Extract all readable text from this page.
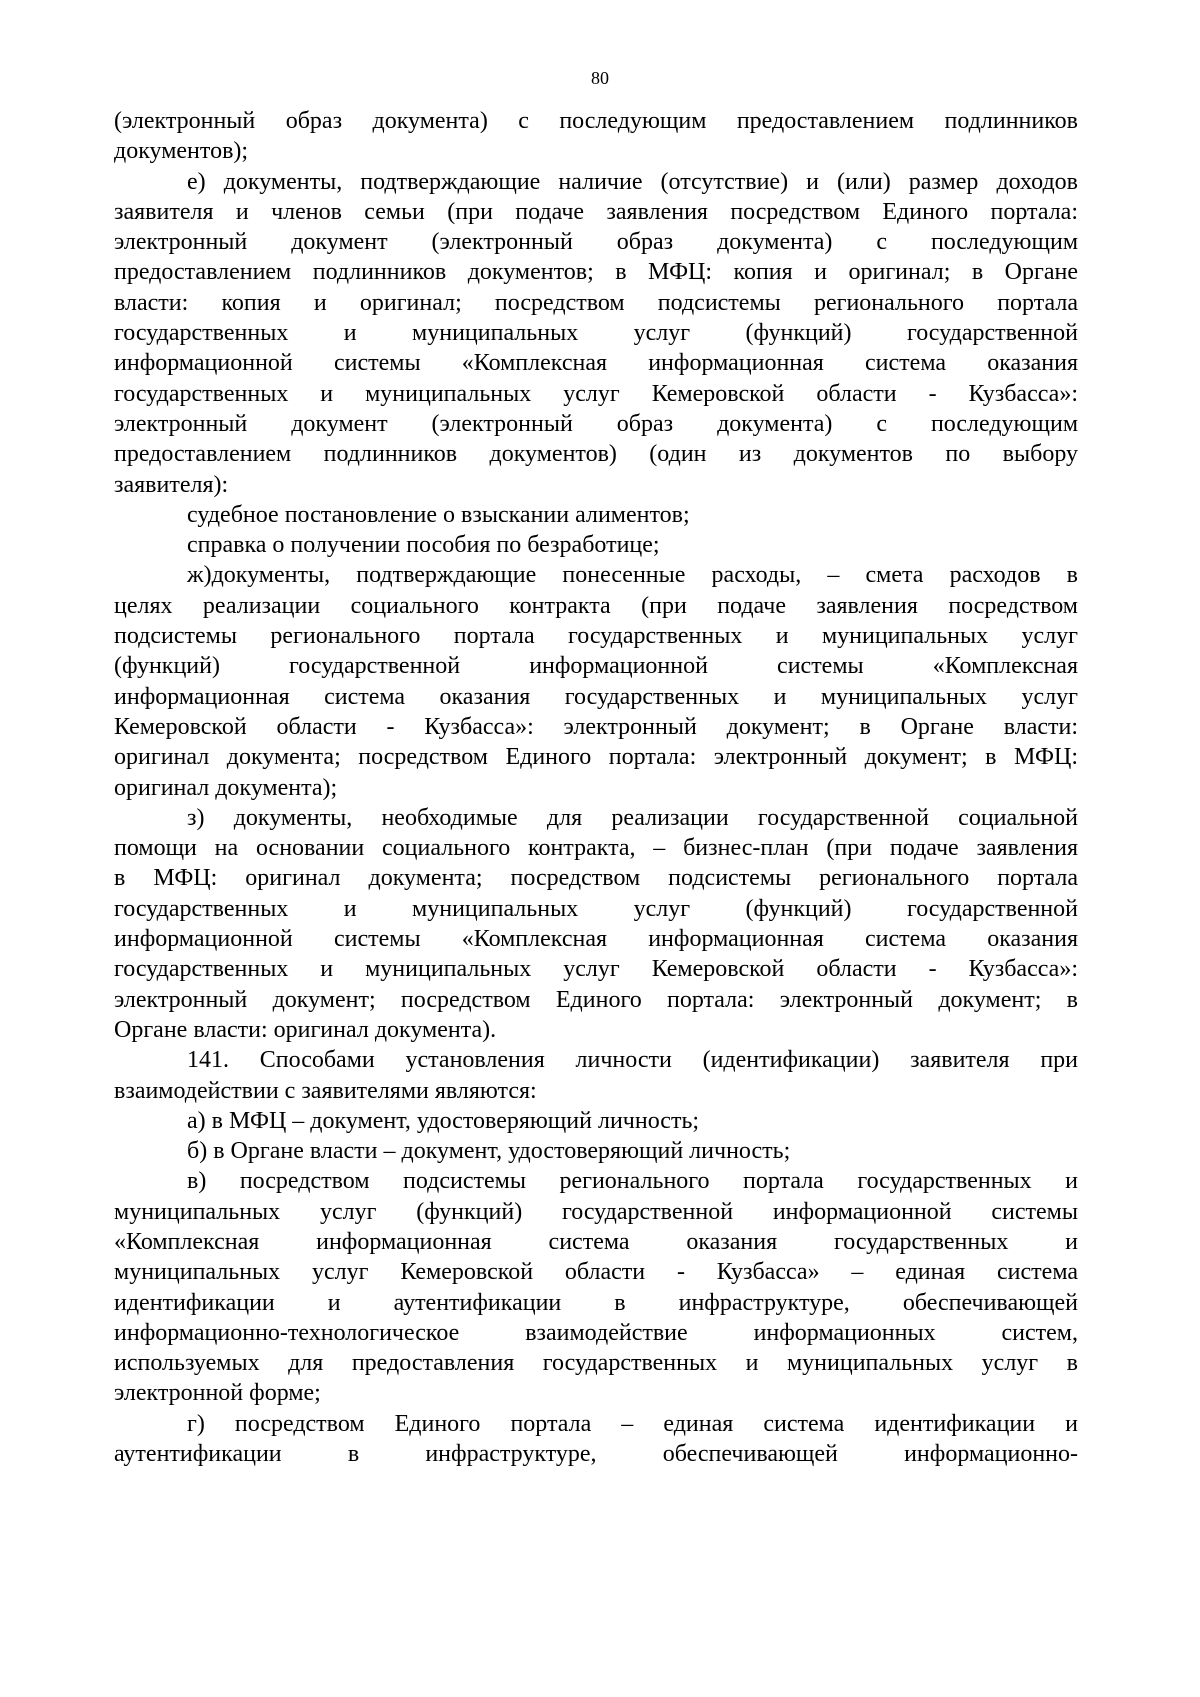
80
(электронный образ документа) с последующим предоставлением подлинников
документов);
е) документы, подтверждающие наличие (отсутствие) и (или) размер доходов
заявителя и членов семьи (при подаче заявления посредством Единого портала:
электронный документ (электронный образ документа) с последующим
предоставлением подлинников документов; в МФЦ: копия и оригинал; в Органе
власти: копия и оригинал; посредством подсистемы регионального портала
государственных и муниципальных услуг (функций) государственной
информационной системы «Комплексная информационная система оказания
государственных и муниципальных услуг Кемеровской области - Кузбасса»:
электронный документ (электронный образ документа) с последующим
предоставлением подлинников документов) (один из документов по выбору
заявителя):
судебное постановление о взыскании алиментов;
справка о получении пособия по безработице;
ж)документы, подтверждающие понесенные расходы, – смета расходов в
целях реализации социального контракта (при подаче заявления посредством
подсистемы регионального портала государственных и муниципальных услуг
(функций) государственной информационной системы «Комплексная
информационная система оказания государственных и муниципальных услуг
Кемеровской области - Кузбасса»: электронный документ; в Органе власти:
оригинал документа; посредством Единого портала: электронный документ; в МФЦ:
оригинал документа);
з) документы, необходимые для реализации государственной социальной
помощи на основании социального контракта, – бизнес-план (при подаче заявления
в МФЦ: оригинал документа; посредством подсистемы регионального портала
государственных и муниципальных услуг (функций) государственной
информационной системы «Комплексная информационная система оказания
государственных и муниципальных услуг Кемеровской области - Кузбасса»:
электронный документ; посредством Единого портала: электронный документ; в
Органе власти: оригинал документа).
141. Способами установления личности (идентификации) заявителя при
взаимодействии с заявителями являются:
а) в МФЦ – документ, удостоверяющий личность;
б) в Органе власти – документ, удостоверяющий личность;
в) посредством подсистемы регионального портала государственных и
муниципальных услуг (функций) государственной информационной системы
«Комплексная информационная система оказания государственных и
муниципальных услуг Кемеровской области - Кузбасса» – единая система
идентификации и аутентификации в инфраструктуре, обеспечивающей
информационно-технологическое взаимодействие информационных систем,
используемых для предоставления государственных и муниципальных услуг в
электронной форме;
г) посредством Единого портала – единая система идентификации и
аутентификации в инфраструктуре, обеспечивающей информационно-
